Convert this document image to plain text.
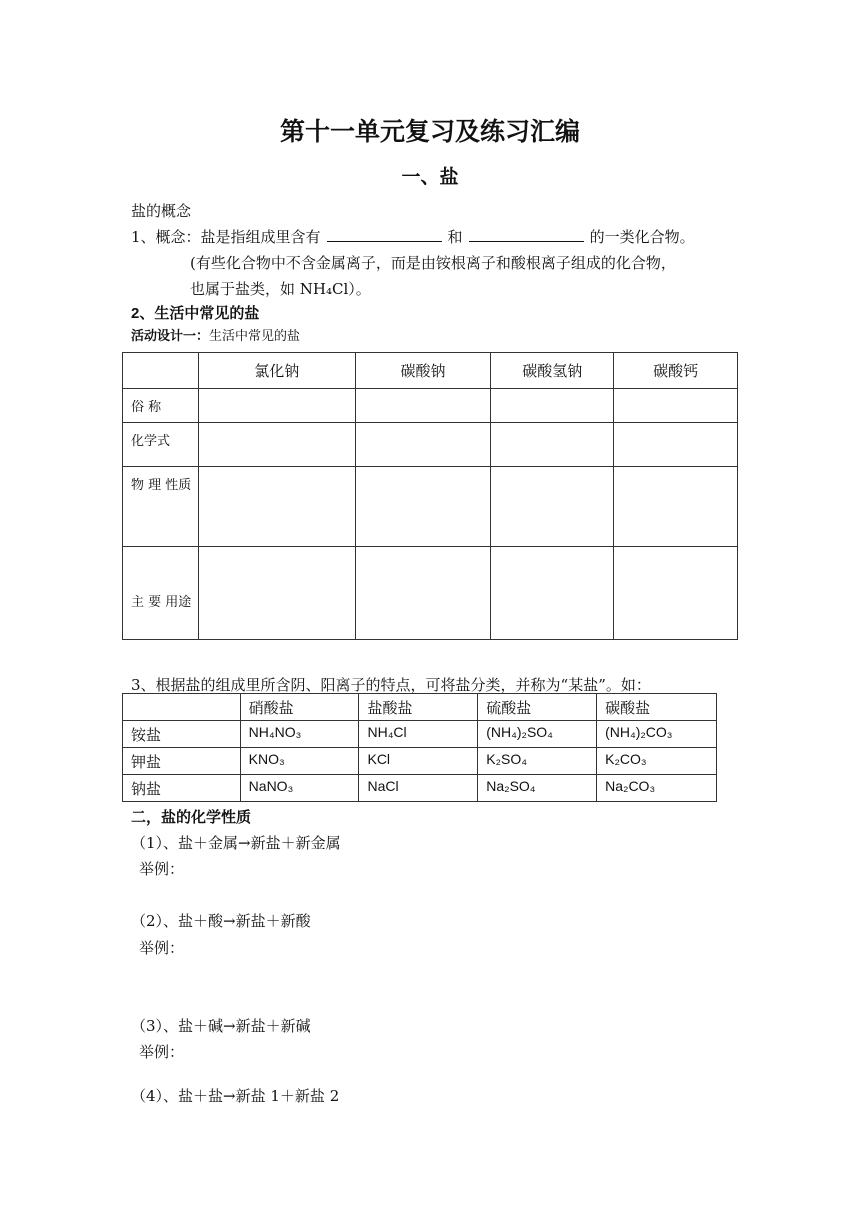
第十一单元复习及练习汇编
一、盐
盐的概念
1、概念：盐是指组成里含有	和	的一类化合物。
(有些化合物中不含金属离子，而是由铵根离子和酸根离子组成的化合物，
也属于盐类，如 NH₄Cl）。
2、生活中常见的盐
活动设计一：生活中常见的盐
	氯化钠	碳酸钠	碳酸氢钠	碳酸钙
俗 称				
化学式				
物 理 性质				
主 要 用途				
3、根据盐的组成里所含阴、阳离子的特点，可将盐分类，并称为“某盐”。如：
	硝酸盐	盐酸盐	硫酸盐	碳酸盐
铵盐	NH₄NO₃	NH₄Cl	(NH₄)₂SO₄	(NH₄)₂CO₃
钾盐	KNO₃	KCl	K₂SO₄	K₂CO₃
钠盐	NaNO₃	NaCl	Na₂SO₄	Na₂CO₃
二，盐的化学性质
（1）、盐＋金属→新盐＋新金属
举例：
（2）、盐＋酸→新盐＋新酸
举例：
（3）、盐＋碱→新盐＋新碱
举例：
（4）、盐＋盐→新盐 1＋新盐 2
